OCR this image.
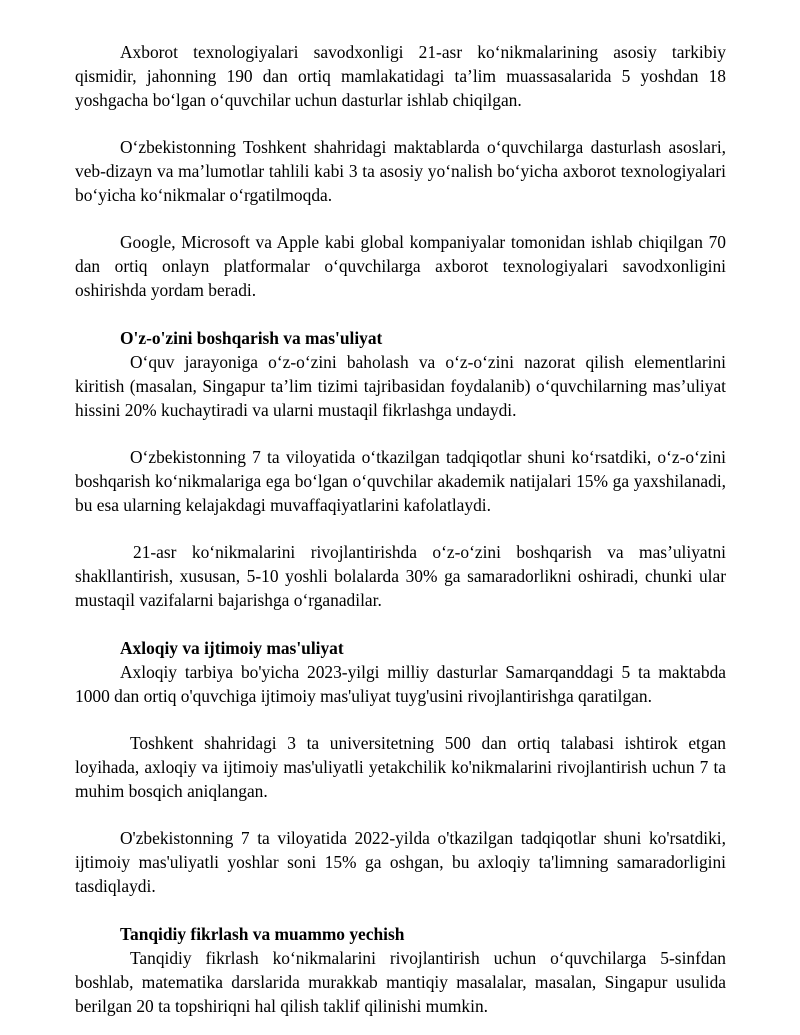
Axborot texnologiyalari savodxonligi 21-asr ko‘nikmalarining asosiy tarkibiy qismidir, jahonning 190 dan ortiq mamlakatidagi ta’lim muassasalarida 5 yoshdan 18 yoshgacha bo‘lgan o‘quvchilar uchun dasturlar ishlab chiqilgan.

O‘zbekistonning Toshkent shahridagi maktablarda o‘quvchilarga dasturlash asoslari, veb-dizayn va ma’lumotlar tahlili kabi 3 ta asosiy yo‘nalish bo‘yicha axborot texnologiyalari bo‘yicha ko‘nikmalar o‘rgatilmoqda.

Google, Microsoft va Apple kabi global kompaniyalar tomonidan ishlab chiqilgan 70 dan ortiq onlayn platformalar o‘quvchilarga axborot texnologiyalari savodxonligini oshirishda yordam beradi.

O'z-o'zini boshqarish va mas'uliyat

O‘quv jarayoniga o‘z-o‘zini baholash va o‘z-o‘zini nazorat qilish elementlarini kiritish (masalan, Singapur ta’lim tizimi tajribasidan foydalanib) o‘quvchilarning mas’uliyat hissini 20% kuchaytiradi va ularni mustaqil fikrlashga undaydi.

O‘zbekistonning 7 ta viloyatida o‘tkazilgan tadqiqotlar shuni ko‘rsatdiki, o‘z-o‘zini boshqarish ko‘nikmalariga ega bo‘lgan o‘quvchilar akademik natijalari 15% ga yaxshilanadi, bu esa ularning kelajakdagi muvaffaqiyatlarini kafolatlaydi.

21-asr ko‘nikmalarini rivojlantirishda o‘z-o‘zini boshqarish va mas’uliyatni shakllantirish, xususan, 5-10 yoshli bolalarda 30% ga samaradorlikni oshiradi, chunki ular mustaqil vazifalarni bajarishga o‘rganadilar.

Axloqiy va ijtimoiy mas'uliyat

Axloqiy tarbiya bo'yicha 2023-yilgi milliy dasturlar Samarqanddagi 5 ta maktabda 1000 dan ortiq o'quvchiga ijtimoiy mas'uliyat tuyg'usini rivojlantirishga qaratilgan.

Toshkent shahridagi 3 ta universitetning 500 dan ortiq talabasi ishtirok etgan loyihada, axloqiy va ijtimoiy mas'uliyatli yetakchilik ko'nikmalarini rivojlantirish uchun 7 ta muhim bosqich aniqlangan.

O'zbekistonning 7 ta viloyatida 2022-yilda o'tkazilgan tadqiqotlar shuni ko'rsatdiki, ijtimoiy mas'uliyatli yoshlar soni 15% ga oshgan, bu axloqiy ta'limning samaradorligini tasdiqlaydi.

Tanqidiy fikrlash va muammo yechish

Tanqidiy fikrlash ko‘nikmalarini rivojlantirish uchun o‘quvchilarga 5-sinfdan boshlab, matematika darslarida murakkab mantiqiy masalalar, masalan, Singapur usulida berilgan 20 ta topshiriqni hal qilish taklif qilinishi mumkin.
